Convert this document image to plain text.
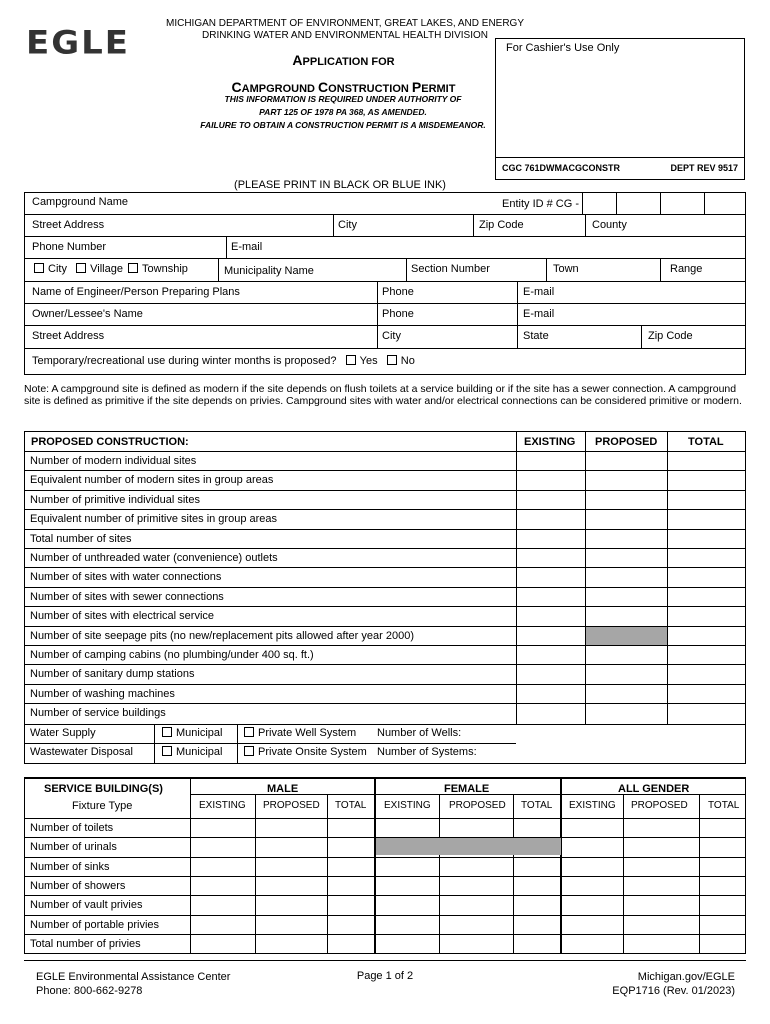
EGLE
MICHIGAN DEPARTMENT OF ENVIRONMENT, GREAT LAKES, AND ENERGY
DRINKING WATER AND ENVIRONMENTAL HEALTH DIVISION
APPLICATION FOR
CAMPGROUND CONSTRUCTION PERMIT
THIS INFORMATION IS REQUIRED UNDER AUTHORITY OF
PART 125 OF 1978 PA 368, AS AMENDED.
FAILURE TO OBTAIN A CONSTRUCTION PERMIT IS A MISDEMEANOR.
For Cashier's Use Only
CGC 761DWMACGCONSTR	DEPT REV 9517
(PLEASE PRINT IN BLACK OR BLUE INK)
Campground Name	Entity ID # CG -
Street Address	City	Zip Code	County
Phone Number	E-mail
City Village Township	Municipality Name	Section Number	Town	Range
Name of Engineer/Person Preparing Plans	Phone	E-mail
Owner/Lessee's Name	Phone	E-mail
Street Address	City	State	Zip Code
Temporary/recreational use during winter months is proposed? Yes No
Note: A campground site is defined as modern if the site depends on flush toilets at a service building or if the site has a sewer connection. A campground site is defined as primitive if the site depends on privies. Campground sites with water and/or electrical connections can be considered primitive or modern.
PROPOSED CONSTRUCTION:	EXISTING PROPOSED	TOTAL
Number of modern individual sites
Equivalent number of modern sites in group areas
Number of primitive individual sites
Equivalent number of primitive sites in group areas
Total number of sites
Number of unthreaded water (convenience) outlets
Number of sites with water connections
Number of sites with sewer connections
Number of sites with electrical service
Number of site seepage pits (no new/replacement pits allowed after year 2000)
Number of camping cabins (no plumbing/under 400 sq. ft.)
Number of sanitary dump stations
Number of washing machines
Number of service buildings
Water Supply	Municipal	Private Well System Number of Wells:
Wastewater Disposal	Municipal	Private Onsite System Number of Systems:
SERVICE BUILDING(S)
Fixture Type
MALE	FEMALE	ALL GENDER
EXISTING PROPOSED TOTAL EXISTING PROPOSED TOTAL EXISTING PROPOSED TOTAL
Number of toilets
Number of urinals
Number of sinks
Number of showers
Number of vault privies
Number of portable privies
Total number of privies
EGLE Environmental Assistance Center
Phone: 800-662-9278
Page 1 of 2	Michigan.gov/EGLE
EQP1716 (Rev. 01/2023)
